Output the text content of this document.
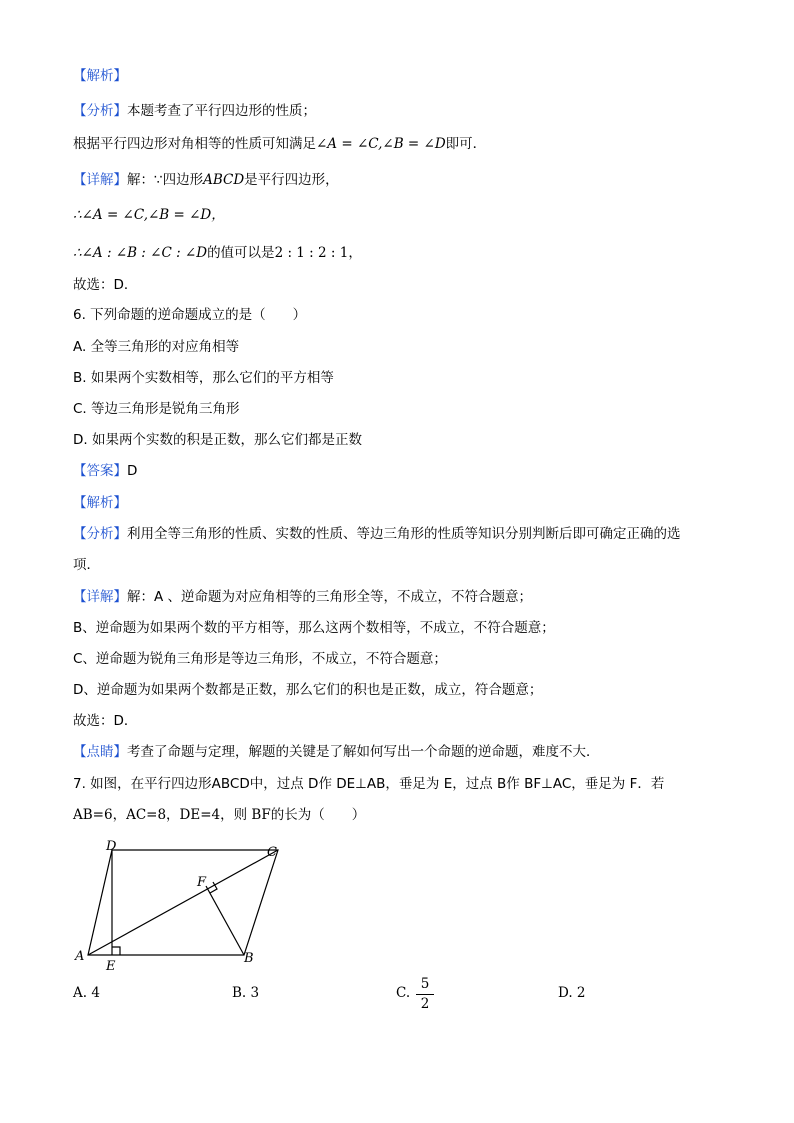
【解析】
【分析】本题考查了平行四边形的性质；
根据平行四边形对角相等的性质可知满足∠A = ∠C,∠B = ∠D即可．
【详解】解：∵四边形ABCD是平行四边形，
∴∠A = ∠C,∠B = ∠D，
∴∠A : ∠B : ∠C : ∠D的值可以是2 : 1 : 2 : 1，
故选：D．
6. 下列命题的逆命题成立的是（　　）
A. 全等三角形的对应角相等
B. 如果两个实数相等，那么它们的平方相等
C. 等边三角形是锐角三角形
D. 如果两个实数的积是正数，那么它们都是正数
【答案】D
【解析】
【分析】利用全等三角形的性质、实数的性质、等边三角形的性质等知识分别判断后即可确定正确的选
项．
【详解】解：A 、逆命题为对应角相等的三角形全等，不成立，不符合题意；
B、逆命题为如果两个数的平方相等，那么这两个数相等，不成立，不符合题意；
C、逆命题为锐角三角形是等边三角形，不成立，不符合题意；
D、逆命题为如果两个数都是正数，那么它们的积也是正数，成立，符合题意；
故选：D．
【点睛】考查了命题与定理，解题的关键是了解如何写出一个命题的逆命题，难度不大．
7. 如图，在平行四边形ABCD中，过点 D作 DE⊥AB，垂足为 E，过点 B作 BF⊥AC，垂足为 F．若
AB=6，AC=8，DE=4，则 BF的长为（　　）
A	B
C
D
E
F
A. 4	B. 3	C.
5
2
D. 2
